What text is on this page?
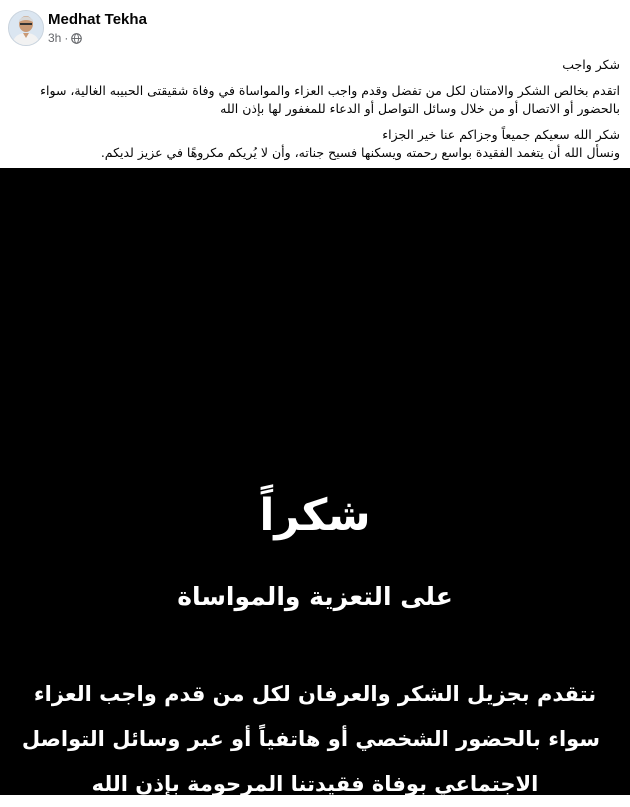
Medhat Tekha
3h ·

شكر واجب

اتقدم بخالص الشكر والامتنان لكل من تفضل وقدم واجب العزاء والمواساة في وفاة شقيقتى الحبيبه الغالية، سواء بالحضور أو الاتصال أو من خلال وسائل التواصل أو الدعاء للمغفور لها بإذن الله

شكر الله سعيكم جميعاً وجزاكم عنا خير الجزاء
ونسأل الله أن يتغمد الفقيدة بواسع رحمته ويسكنها فسيح جناته، وأن لا يُريكم مكروهًا في عزيز لديكم.

شكراً
على التعزية والمواساة
نتقدم بجزيل الشكر والعرفان لكل من قدم واجب العزاء
سواء بالحضور الشخصي أو هاتفياً أو عبر وسائل التواصل
الاجتماعي بوفاة فقيدتنا المرحومة بإذن الله
